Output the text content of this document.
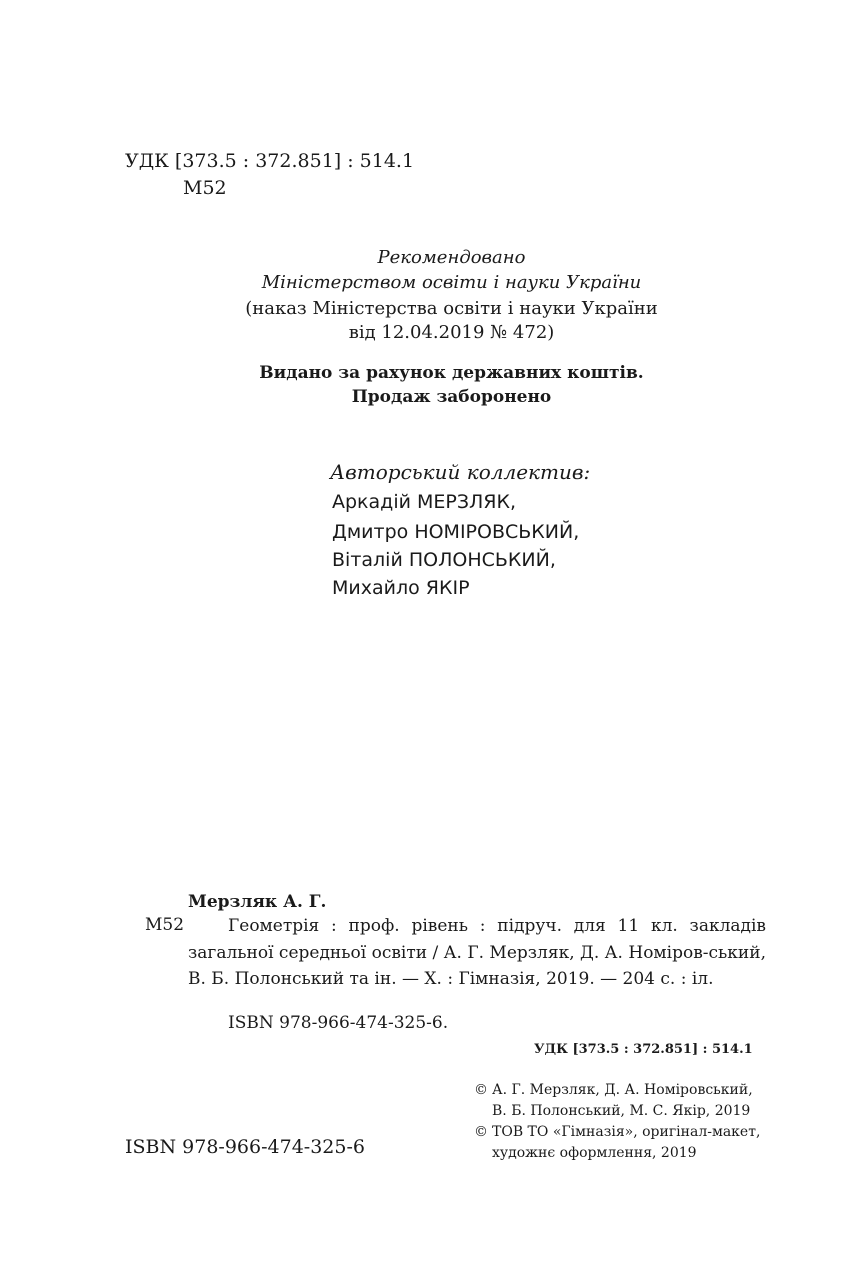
УДК [373.5 : 372.851] : 514.1
М52
Рекомендовано
Міністерством освіти і науки України
(наказ Міністерства освіти і науки України
від 12.04.2019 № 472)
Видано за рахунок державних коштів.
Продаж заборонено
Авторський коллектив:
Аркадій МЕРЗЛЯК,
Дмитро НОМІРОВСЬКИЙ,
Віталій ПОЛОНСЬКИЙ,
Михайло ЯКІР
Мерзляк А. Г.
М52	Геометрія : проф. рівень : підруч. для 11 кл. закладів загальної середньої освіти / А. Г. Мерзляк, Д. А. Номіров-ський, В. Б. Полонський та ін. — Х. : Гімназія, 2019. — 204 с. : іл.
ISBN 978-966-474-325-6.
УДК [373.5 : 372.851] : 514.1
ISBN 978-966-474-325-6
© А. Г. Мерзляк, Д. А. Номіровський,
В. Б. Полонський, М. С. Якір, 2019
© ТОВ ТО «Гімназія», оригінал-макет,
художнє оформлення, 2019
